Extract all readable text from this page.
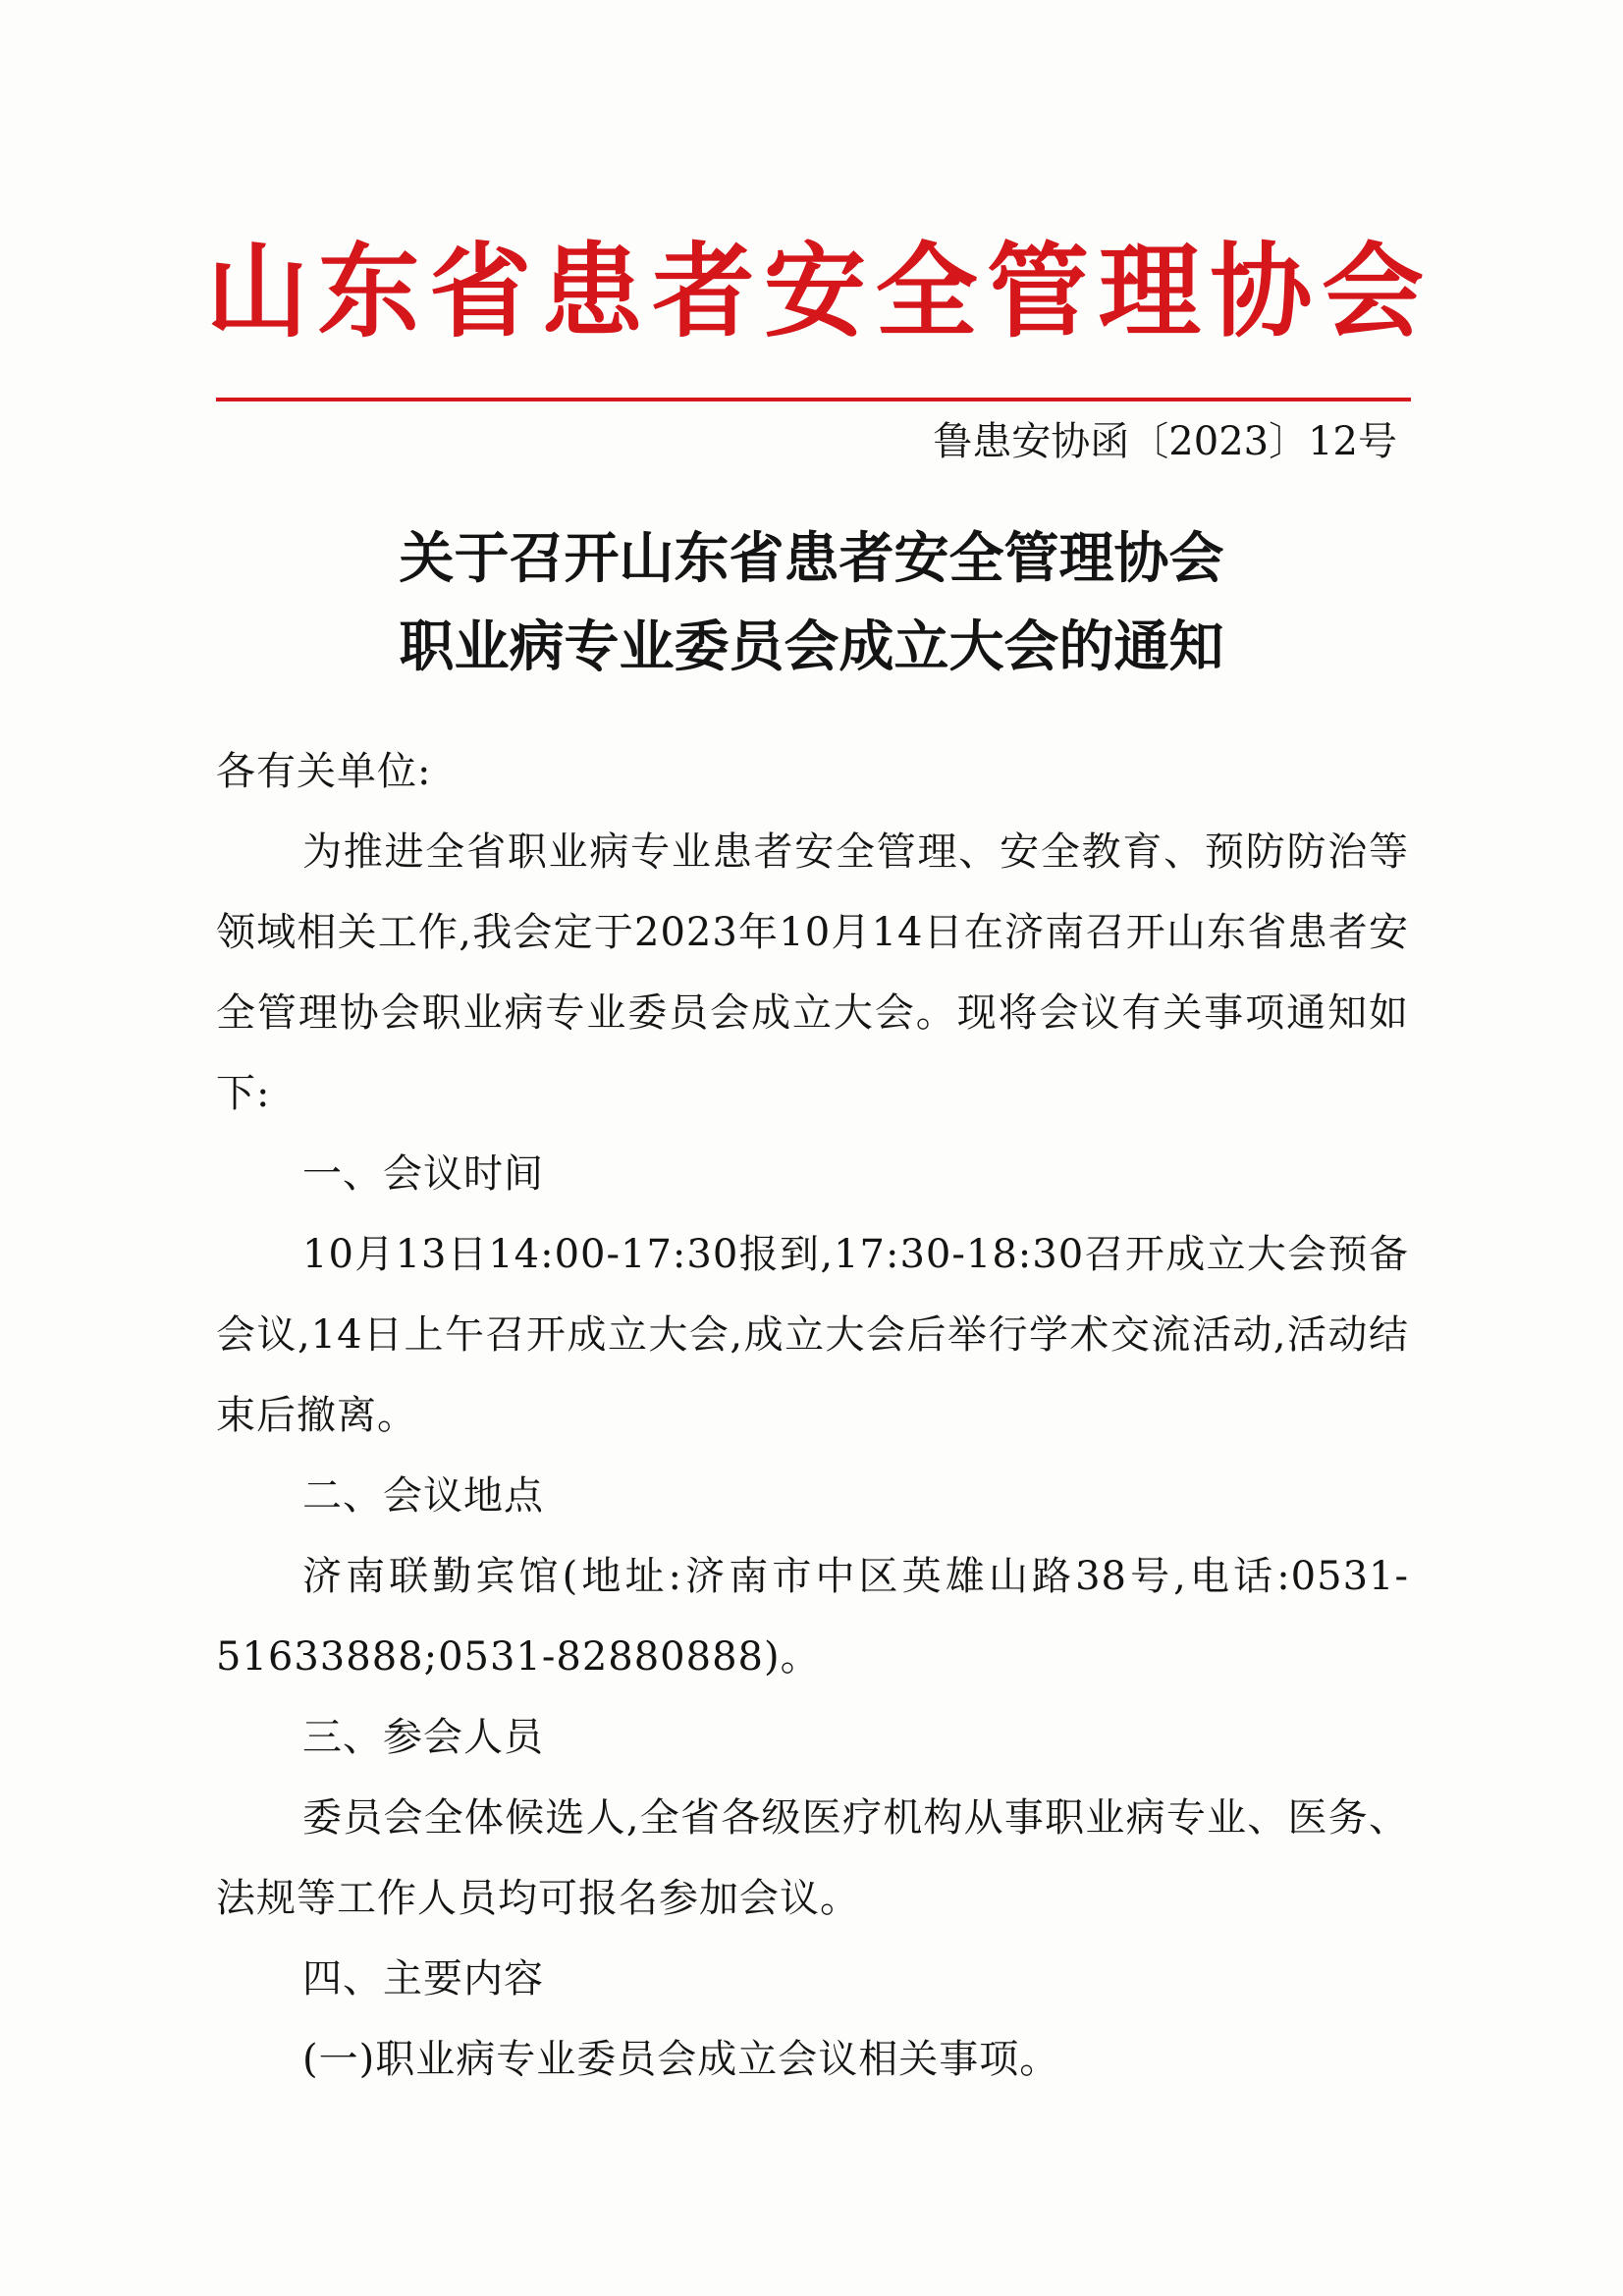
山 东 省 患 者 安 全 管 理 协 会
鲁患安协函〔2023〕12号
关于召开山东省患者安全管理协会
职业病专业委员会成立大会的通知

各有关单位:

为推进全省职业病专业患者安全管理、安全教育、预防防治等领域相关工作,我会定于2023年10月14日在济南召开山东省患者安全管理协会职业病专业委员会成立大会。现将会议有关事项通知如下:

一、会议时间

10月13日14:00-17:30报到,17:30-18:30召开成立大会预备会议,14日上午召开成立大会,成立大会后举行学术交流活动,活动结束后撤离。

二、会议地点

济南联勤宾馆(地址:济南市中区英雄山路38号,电话:0531-51633888;0531-82880888)。

三、参会人员

委员会全体候选人,全省各级医疗机构从事职业病专业、医务、法规等工作人员均可报名参加会议。

四、主要内容

(一)职业病专业委员会成立会议相关事项。
